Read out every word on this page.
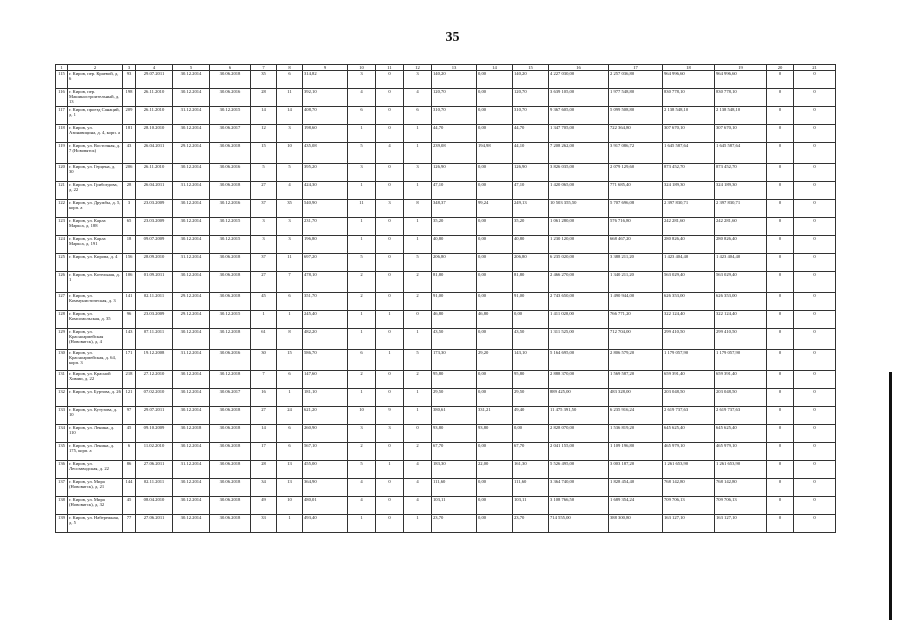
35
1	2	3	4	5	6	7	8	9	10	11	12	13	14	15	16	17	18	19	20	21
115	г. Киров, пер. Краевой, д. 6	93	29.07.2011	30.12.2014	30.06.2018	35	6	314,82	3	0	3	140,20	0,00	140,20	4 227 030,00	2 257 036,80	964 996,60	964 996,60	0	0
116	г. Киров, пер. Машиностроительный, д. 13	198	26.11.2010	30.12.2014	30.06.2016	28	11	392,10	4	0	4	120,70	0,00	120,70	3 639 105,00	1 977 548,80	830 778,10	830 778,10	0	0
117	г. Киров, проезд Санаций, д. 1	209	26.11.2010	31.12.2014	30.12.2015	14	14	408,70	6	0	6	310,70	0,00	310,70	9 367 605,00	5 099 508,80	2 138 548,10	2 138 548,10	0	0
118	г. Киров, ул. Азинавицина, д. 4, корп. а	181	28.10.2010	30.12.2014	30.06.2017	12	3	198,60	1	0	1	44,70	0,00	44,70	1 347 705,00	722 364,80	307 670,10	307 670,10	0	0
119	г. Киров, ул. Восточная, д. 7 (Нововятск)	43	26.04.2011	29.12.2014	30.06.2018	15	10	435,08	5	4	1	239,08	194,98	44,10	7 208 262,00	3 917 086,72	1 645 587,64	1 645 587,64	0	0
120	г. Киров, ул. Герцена, д. 30	206	26.11.2010	30.12.2014	30.06.2016	5	5	395,20	3	0	3	126,90	0,00	126,90	3 826 035,00	2 079 129,60	873 452,70	873 452,70	0	0
121	г. Киров, ул. Грибоедова, д. 22	28	26.04.2011	31.12.2014	30.06.2018	27	4	424,30	1	0	1	47,10	0,00	47,10	1 420 065,00	771 685,40	324 189,30	324 189,30	0	0
122	г. Киров, ул. Дружбы, д. 5, корп. а	3	23.03.2009	30.12.2014	30.12.2016	37	35	540,90	11	3	8	348,37	99,24	249,13	10 503 355,50	5 707 696,08	2 397 830,71	2 397 830,71	0	0
123	г. Киров, ул. Карла Маркса, д. 188	65	23.03.2009	30.12.2014	30.12.2015	3	3	231,70	1	0	1	35,20	0,00	35,20	1 061 280,00	576 716,80	242 281,60	242 281,60	0	0
124	г. Киров, ул. Карла Маркса, д. 191	18	09.07.2009	30.12.2014	30.12.2015	3	3	196,80	1	0	1	40,80	0,00	40,80	1 230 120,00	668 467,20	280 826,40	280 826,40	0	0
125	г. Киров, ул. Кирова, д. 4	156	28.09.2010	31.12.2014	30.06.2018	37	11	697,20	5	0	5	206,80	0,00	206,80	6 235 020,00	3 388 211,20	1 423 404,40	1 423 404,40	0	0
126	г. Киров, ул. Котельная, д. 1	106	01.09.2011	30.12.2014	30.06.2018	27	7	478,10	2	0	2	81,80	0,00	81,80	2 466 270,00	1 340 211,20	563 029,40	563 029,40	0	0
127	г. Киров, ул. Коммунистическая, д. 3	141	02.11.2011	29.12.2014	30.06.2018	45	6	351,70	2	0	2	91,00	0,00	91,00	2 743 650,00	1 490 944,00	626 353,00	626 353,00	0	0
128	г. Киров, ул. Комсомольская, д. 35	96	23.03.2009	29.12.2014	30.12.2015	1	1	245,40	1	1	0	46,80	46,80	0,00	1 411 020,00	766 771,20	322 124,40	322 124,40	0	0
129	г. Киров, ул. Красноармейская (Нововятск), д. 4	143	07.11.2011	30.12.2014	30.12.2018	61	8	482,20	1	0	1	43,50	0,00	43,50	1 311 525,00	712 704,00	299 410,50	299 410,50	0	0
130	г. Киров, ул. Красноармейская, д. 64, корп. 3	171	19.12.2008	31.12.2014	30.06.2016	30	15	586,70	6	1	5	173,30	29,20	143,10	5 164 695,00	2 806 579,20	1 179 057,90	1 179 057,90	0	0
131	г. Киров, ул. Красной Химии, д. 22	218	27.12.2010	30.12.2014	30.12.2018	7	6	147,60	2	0	2	95,80	0,00	95,80	2 888 370,00	1 569 587,20	659 391,40	659 391,40	0	0
132	г. Киров, ул. Буртова, д. 26	121	07.02.2010	30.12.2014	30.06.2017	16	1	181,10	1	0	1	29,50	0,00	29,50	889 425,00	483 328,00	203 048,50	203 048,50	0	0
133	г. Киров, ул. Кутузова, д. 10	97	29.07.2011	30.12.2014	30.06.2018	27	24	621,20	10	9	1	380,61	331,21	49,40	11 475 391,50	6 235 916,24	2 619 737,63	2 619 737,63	0	0
134	г. Киров, ул. Ленина, д. 110	45	09.10.2009	30.12.2018	30.06.2018	14	6	260,90	3	3	0	93,80	93,80	0,00	2 828 070,00	1 536 819,20	645 625,40	645 625,40	0	0
135	г. Киров, ул. Ленина, д. 175, корп. а	6	11.02.2010	30.12.2014	30.06.2018	17	6	567,10	2	0	2	67,70	0,00	67,70	2 041 155,00	1 109 196,80	465 979,10	465 979,10	0	0
136	г. Киров, ул. Лесозаводская, д. 22	86	27.06.2011	31.12.2014	30.06.2018	28	13	455,00	5	1	4	183,30	22,00	161,30	5 526 495,00	3 003 187,20	1 261 653,90	1 261 653,90	0	0
137	г. Киров, ул. Мира (Нововятск), д. 21	144	02.11.2011	30.12.2014	30.06.2018	34	13	364,90	4	0	4	111,60	0,00	111,60	3 364 740,00	1 828 454,40	768 142,80	768 142,80	0	0
138	г. Киров, ул. Мира (Нововятск), д. 32	45	08.04.2010	30.12.2014	30.06.2018	49	10	480,01	4	0	4	103,11	0,00	103,11	3 108 766,50	1 689 354,24	709 706,13	709 706,13	0	0
139	г. Киров, ул. Набережная, д. 5	77	27.06.2011	30.12.2014	30.06.2018	33	1	493,40	1	0	1	23,70	0,00	23,70	714 555,00	388 300,80	163 127,10	163 127,10	0	0
